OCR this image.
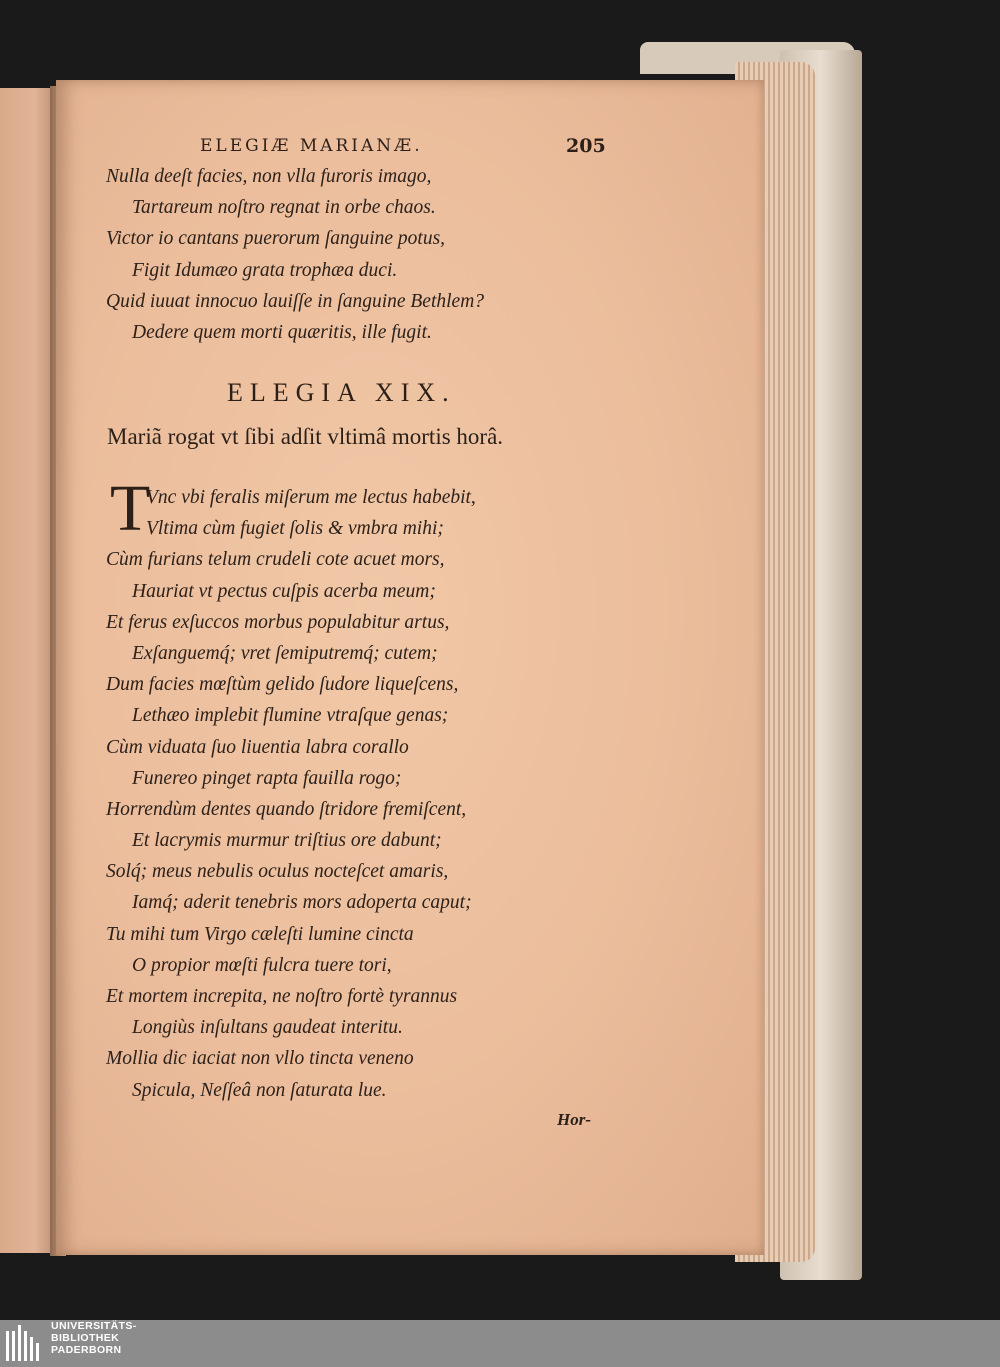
ELEGIÆ MARIANÆ.	205
Nulla deeſt facies, non vlla furoris imago,
Tartareum noſtro regnat in orbe chaos.
Victor io cantans puerorum ſanguine potus,
Figit Idumæo grata trophæa duci.
Quid iuuat innocuo lauiſſe in ſanguine Bethlem?
Dedere quem morti quæritis, ille fugit.
ELEGIA XIX.
Mariã rogat vt ſibi adſit vltimâ mortis horâ.
T
Vnc vbi feralis miſerum me lectus habebit,
Vltima cùm fugiet ſolis & vmbra mihi;
Cùm furians telum crudeli cote acuet mors,
Hauriat vt pectus cuſpis acerba meum;
Et ferus exſuccos morbus populabitur artus,
Exſanguemq́; vret ſemiputremq́; cutem;
Dum facies mœſtùm gelido ſudore liqueſcens,
Lethæo implebit flumine vtraſque genas;
Cùm viduata ſuo liuentia labra corallo
Funereo pinget rapta fauilla rogo;
Horrendùm dentes quando ſtridore fremiſcent,
Et lacrymis murmur triſtius ore dabunt;
Solq́; meus nebulis oculus nocteſcet amaris,
Iamq́; aderit tenebris mors adoperta caput;
Tu mihi tum Virgo cæleſti lumine cincta
O propior mœſti fulcra tuere tori,
Et mortem increpita, ne noſtro fortè tyrannus
Longiùs inſultans gaudeat interitu.
Mollia dic iaciat non vllo tincta veneno
Spicula, Neſſeâ non ſaturata lue.
Hor-
UNIVERSITÄTS-
BIBLIOTHEK
PADERBORN
